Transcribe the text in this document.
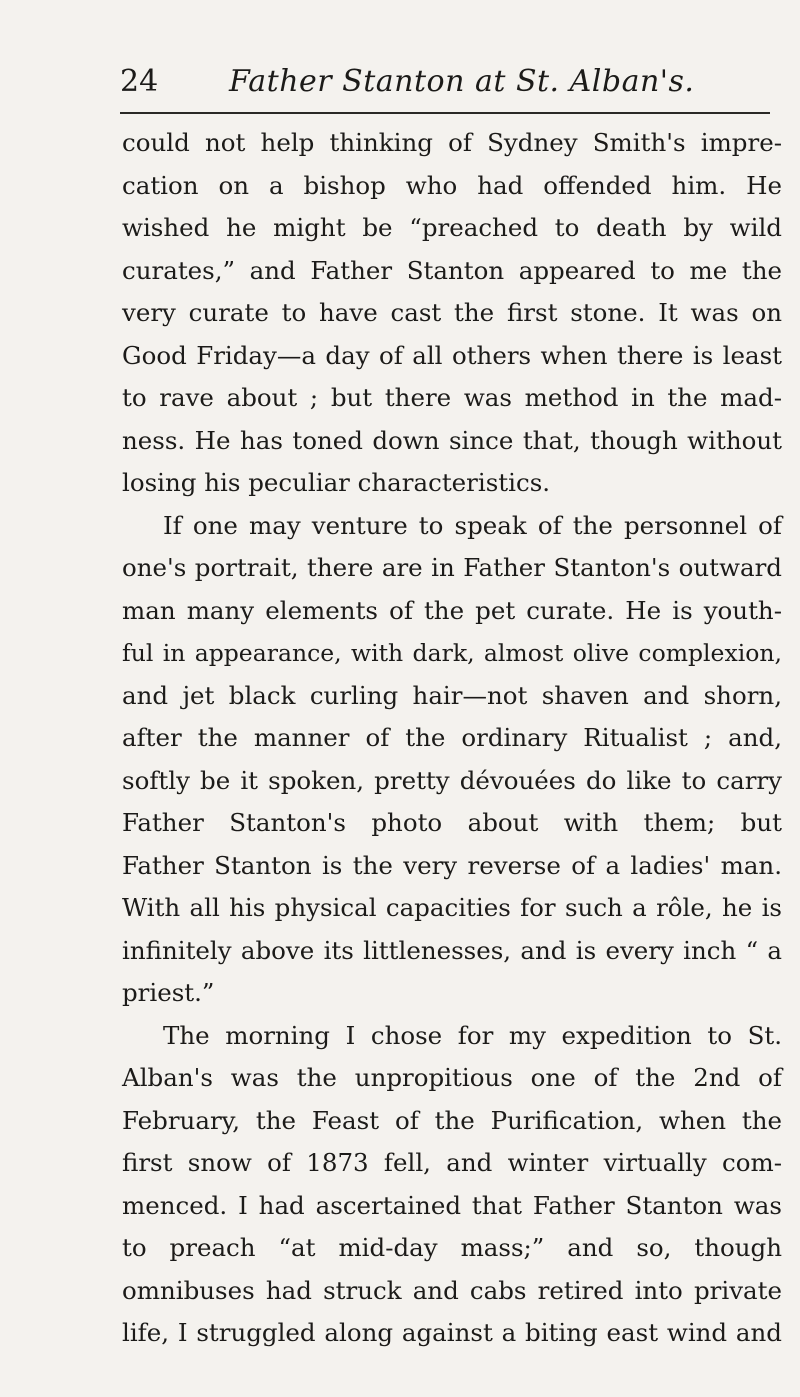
24 Father Stanton at St. Alban's.
could not help thinking of Sydney Smith's impre-
cation on a bishop who had offended him. He
wished he might be “preached to death by wild
curates,” and Father Stanton appeared to me the
very curate to have cast the first stone. It was on
Good Friday—a day of all others when there is least
to rave about ; but there was method in the mad-
ness. He has toned down since that, though without
losing his peculiar characteristics.
If one may venture to speak of the personnel of
one's portrait, there are in Father Stanton's outward
man many elements of the pet curate. He is youth-
ful in appearance, with dark, almost olive complexion,
and jet black curling hair—not shaven and shorn,
after the manner of the ordinary Ritualist ; and,
softly be it spoken, pretty dévouées do like to carry
Father Stanton's photo about with them; but
Father Stanton is the very reverse of a ladies' man.
With all his physical capacities for such a rôle, he is
infinitely above its littlenesses, and is every inch “ a
priest.”
The morning I chose for my expedition to St.
Alban's was the unpropitious one of the 2nd of
February, the Feast of the Purification, when the
first snow of 1873 fell, and winter virtually com-
menced. I had ascertained that Father Stanton was
to preach “at mid-day mass;” and so, though
omnibuses had struck and cabs retired into private
life, I struggled along against a biting east wind and
